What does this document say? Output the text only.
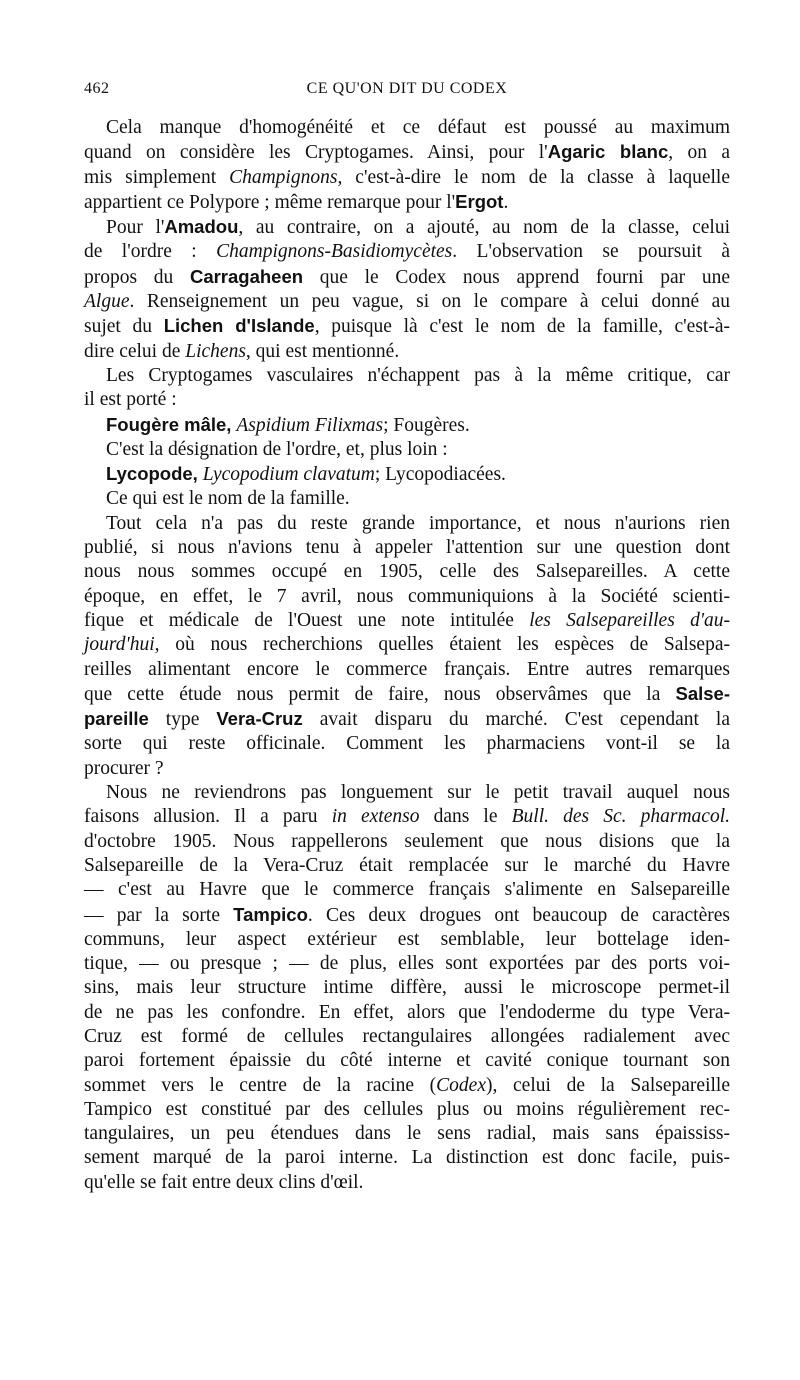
462	CE QU'ON DIT DU CODEX
Cela manque d'homogénéité et ce défaut est poussé au maximum
quand on considère les Cryptogames. Ainsi, pour l'Agaric blanc, on a
mis simplement Champignons, c'est-à-dire le nom de la classe à laquelle
appartient ce Polypore ; même remarque pour l'Ergot.
Pour l'Amadou, au contraire, on a ajouté, au nom de la classe, celui
de l'ordre : Champignons-Basidiomycètes. L'observation se poursuit à
propos du Carragaheen que le Codex nous apprend fourni par une
Algue. Renseignement un peu vague, si on le compare à celui donné au
sujet du Lichen d'Islande, puisque là c'est le nom de la famille, c'est-à-
dire celui de Lichens, qui est mentionné.
Les Cryptogames vasculaires n'échappent pas à la même critique, car
il est porté :
Fougère mâle, Aspidium Filixmas; Fougères.
C'est la désignation de l'ordre, et, plus loin :
Lycopode, Lycopodium clavatum; Lycopodiacées.
Ce qui est le nom de la famille.
Tout cela n'a pas du reste grande importance, et nous n'aurions rien
publié, si nous n'avions tenu à appeler l'attention sur une question dont
nous nous sommes occupé en 1905, celle des Salsepareilles. A cette
époque, en effet, le 7 avril, nous communiquions à la Société scienti-
fique et médicale de l'Ouest une note intitulée les Salsepareilles d'au-
jourd'hui, où nous recherchions quelles étaient les espèces de Salsepa-
reilles alimentant encore le commerce français. Entre autres remarques
que cette étude nous permit de faire, nous observâmes que la Salse-
pareille type Vera-Cruz avait disparu du marché. C'est cependant la
sorte qui reste officinale. Comment les pharmaciens vont-il se la
procurer ?
Nous ne reviendrons pas longuement sur le petit travail auquel nous
faisons allusion. Il a paru in extenso dans le Bull. des Sc. pharmacol.
d'octobre 1905. Nous rappellerons seulement que nous disions que la
Salsepareille de la Vera-Cruz était remplacée sur le marché du Havre
— c'est au Havre que le commerce français s'alimente en Salsepareille
— par la sorte Tampico. Ces deux drogues ont beaucoup de caractères
communs, leur aspect extérieur est semblable, leur bottelage iden-
tique, — ou presque ; — de plus, elles sont exportées par des ports voi-
sins, mais leur structure intime diffère, aussi le microscope permet-il
de ne pas les confondre. En effet, alors que l'endoderme du type Vera-
Cruz est formé de cellules rectangulaires allongées radialement avec
paroi fortement épaissie du côté interne et cavité conique tournant son
sommet vers le centre de la racine (Codex), celui de la Salsepareille
Tampico est constitué par des cellules plus ou moins régulièrement rec-
tangulaires, un peu étendues dans le sens radial, mais sans épaississ-
sement marqué de la paroi interne. La distinction est donc facile, puis-
qu'elle se fait entre deux clins d'œil.
